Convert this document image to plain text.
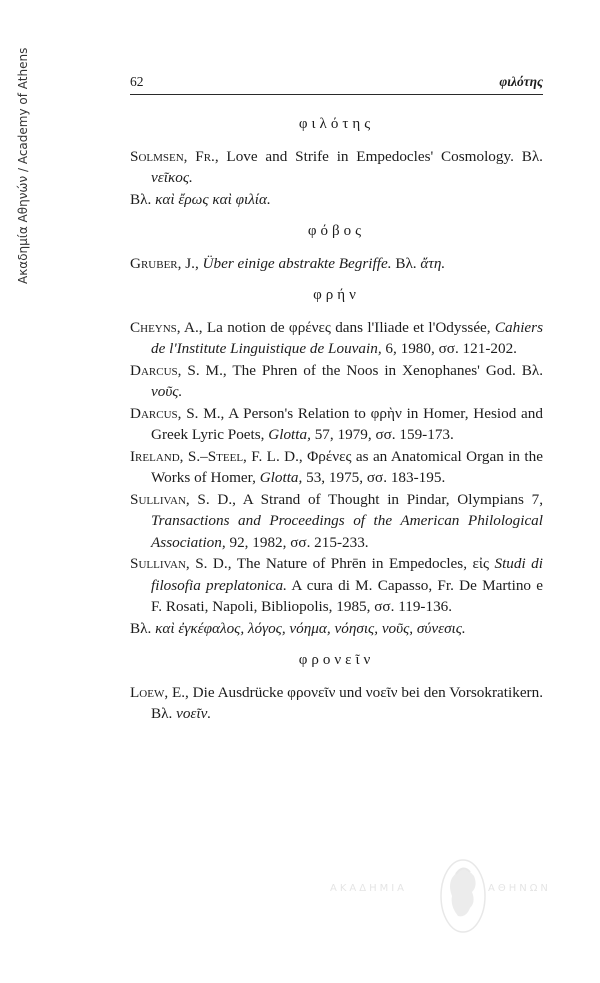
Ακαδημία Αθηνών / Academy of Athens	62	φιλότης

φιλότης

Solmsen, Fr., Love and Strife in Empedocles' Cosmology. Βλ. νεῖκος.

Βλ. καὶ ἔρως καὶ φιλία.

φόβος

Gruber, J., Über einige abstrakte Begriffe. Βλ. ἄτη.

φρήν

Cheyns, A., La notion de φρένες dans l'Iliade et l'Odyssée, Cahiers de l'Institute Linguistique de Louvain, 6, 1980, σσ. 121-202.

Darcus, S. M., The Phren of the Noos in Xenophanes' God. Βλ. νοῦς.

Darcus, S. M., A Person's Relation to φρὴν in Homer, Hesiod and Greek Lyric Poets, Glotta, 57, 1979, σσ. 159-173.

Ireland, S.–Steel, F. L. D., Φρένες as an Anatomical Organ in the Works of Homer, Glotta, 53, 1975, σσ. 183-195.

Sullivan, S. D., A Strand of Thought in Pindar, Olympians 7, Transactions and Proceedings of the American Philological Association, 92, 1982, σσ. 215-233.

Sullivan, S. D., The Nature of Phrēn in Empedocles, εἰς Studi di filosofia preplatonica. A cura di M. Capasso, Fr. De Martino e F. Rosati, Napoli, Bibliopolis, 1985, σσ. 119-136.

Βλ. καὶ ἐγκέφαλος, λόγος, νόημα, νόησις, νοῦς, σύνεσις.

φρονεῖν

Loew, E., Die Ausdrücke φρονεῖν und νοεῖν bei den Vorsokratikern. Βλ. νοεῖν.

ΑΚΑΔΗΜΙΑ	ΑΘΗΝΩΝ
